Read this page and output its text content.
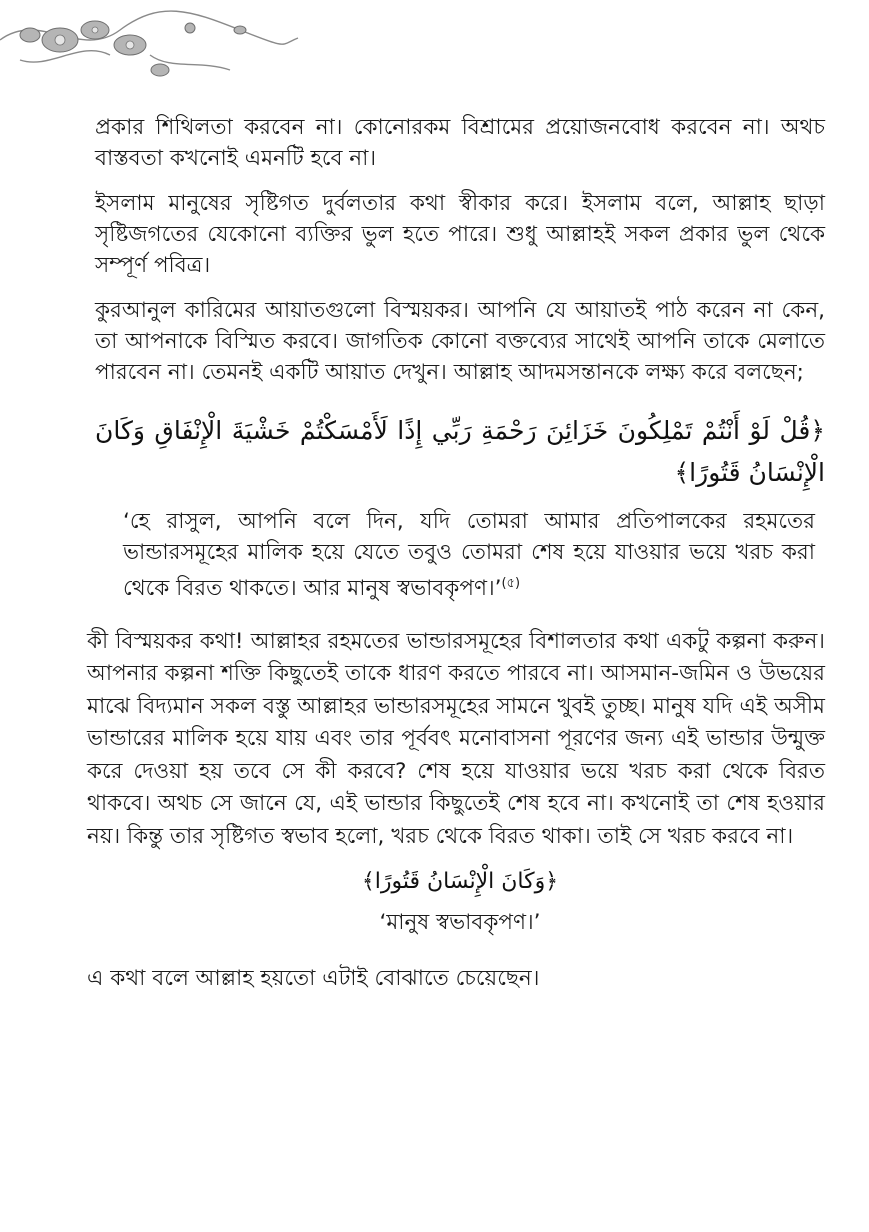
প্রকার শিথিলতা করবেন না। কোনোরকম বিশ্রামের প্রয়োজনবোধ করবেন না। অথচ বাস্তবতা কখনোই এমনটি হবে না।

ইসলাম মানুষের সৃষ্টিগত দুর্বলতার কথা স্বীকার করে। ইসলাম বলে, আল্লাহ ছাড়া সৃষ্টিজগতের যেকোনো ব্যক্তির ভুল হতে পারে। শুধু আল্লাহই সকল প্রকার ভুল থেকে সম্পূর্ণ পবিত্র।

কুরআনুল কারিমের আয়াতগুলো বিস্ময়কর। আপনি যে আয়াতই পাঠ করেন না কেন, তা আপনাকে বিস্মিত করবে। জাগতিক কোনো বক্তব্যের সাথেই আপনি তাকে মেলাতে পারবেন না। তেমনই একটি আয়াত দেখুন। আল্লাহ আদমসন্তানকে লক্ষ্য করে বলছেন;

﴿قُلْ لَوْ أَنْتُمْ تَمْلِكُونَ خَزَائِنَ رَحْمَةِ رَبِّي إِذًا لَأَمْسَكْتُمْ خَشْيَةَ الْإِنْفَاقِ وَكَانَ
الْإِنْسَانُ قَتُورًا﴾

‘হে রাসুল, আপনি বলে দিন, যদি তোমরা আমার প্রতিপালকের রহমতের ভান্ডারসমূহের মালিক হয়ে যেতে তবুও তোমরা শেষ হয়ে যাওয়ার ভয়ে খরচ করা থেকে বিরত থাকতে। আর মানুষ স্বভাবকৃপণ।’$^{(৫)}$

কী বিস্ময়কর কথা! আল্লাহর রহমতের ভান্ডারসমূহের বিশালতার কথা একটু কল্পনা করুন। আপনার কল্পনা শক্তি কিছুতেই তাকে ধারণ করতে পারবে না। আসমান-জমিন ও উভয়ের মাঝে বিদ্যমান সকল বস্তু আল্লাহর ভান্ডারসমূহের সামনে খুবই তুচ্ছ। মানুষ যদি এই অসীম ভান্ডারের মালিক হয়ে যায় এবং তার পূর্ববৎ মনোবাসনা পূরণের জন্য এই ভান্ডার উন্মুক্ত করে দেওয়া হয় তবে সে কী করবে? শেষ হয়ে যাওয়ার ভয়ে খরচ করা থেকে বিরত থাকবে। অথচ সে জানে যে, এই ভান্ডার কিছুতেই শেষ হবে না। কখনোই তা শেষ হওয়ার নয়। কিন্তু তার সৃষ্টিগত স্বভাব হলো, খরচ থেকে বিরত থাকা। তাই সে খরচ করবে না।

﴿وَكَانَ الْإِنْسَانُ قَتُورًا﴾
‘মানুষ স্বভাবকৃপণ।’

এ কথা বলে আল্লাহ হয়তো এটাই বোঝাতে চেয়েছেন।
